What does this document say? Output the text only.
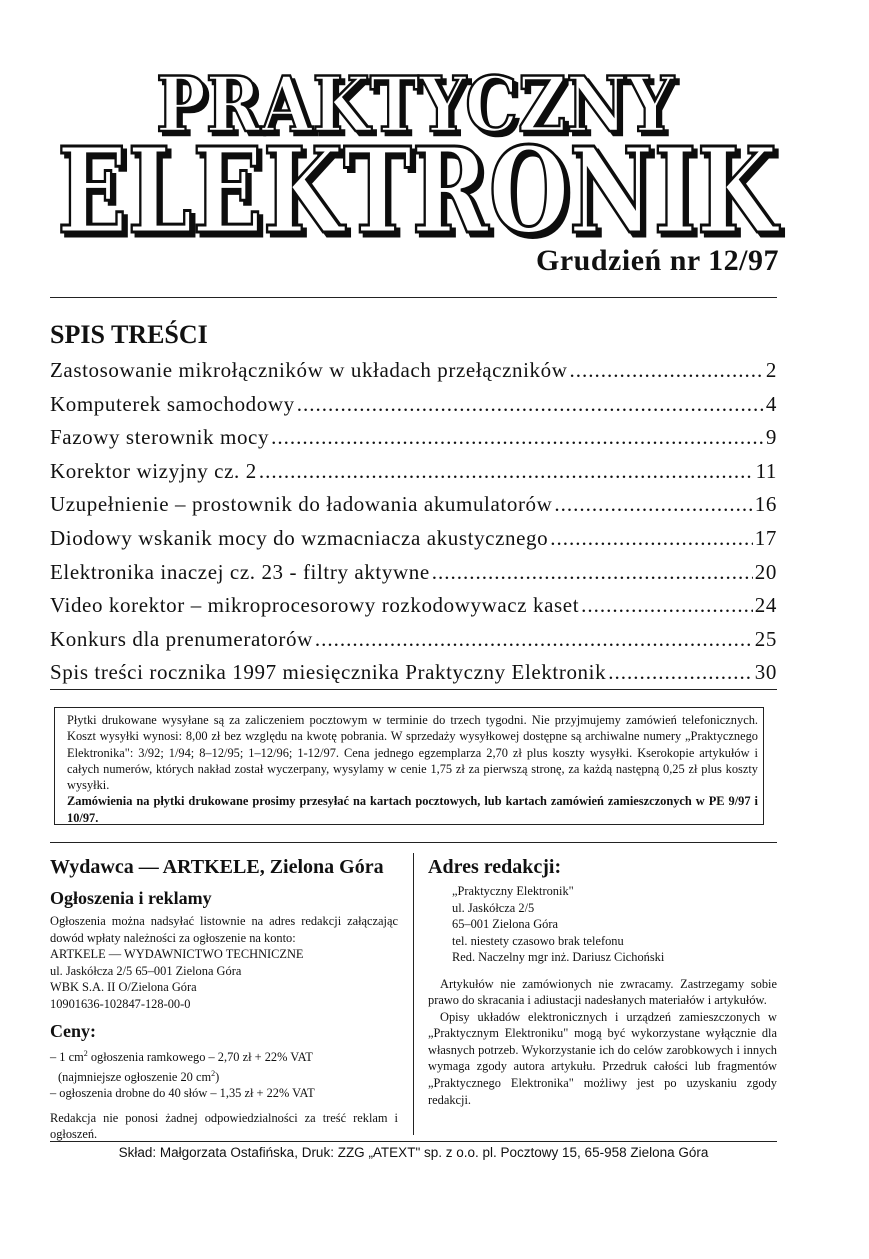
PRAKTYCZNY
ELEKTRONIK
Grudzień nr 12/97
SPIS TREŚCI
Zastosowanie mikrołączników w układach przełączników .....	2
Komputerek samochodowy .....	4
Fazowy sterownik mocy .....	9
Korektor wizyjny cz. 2 .....	11
Uzupełnienie – prostownik do ładowania akumulatorów .....	16
Diodowy wskanik mocy do wzmacniacza akustycznego .....	17
Elektronika inaczej cz. 23 - filtry aktywne .....	20
Video korektor – mikroprocesorowy rozkodowywacz kaset .....	24
Konkurs dla prenumeratorów .....	25
Spis treści rocznika 1997 miesięcznika Praktyczny Elektronik .....	30

Płytki drukowane wysyłane są za zaliczeniem pocztowym w terminie do trzech tygodni. Nie przyjmujemy zamówień telefonicznych. Koszt wysyłki wynosi: 8,00 zł bez względu na kwotę pobrania. W sprzedaży wysyłkowej dostępne są archiwalne numery „Praktycznego Elektronika": 3/92; 1/94; 8–12/95; 1–12/96; 1-12/97. Cena jednego egzemplarza 2,70 zł plus koszty wysyłki. Kserokopie artykułów i całych numerów, których nakład został wyczerpany, wysylamy w cenie 1,75 zł za pierwszą stronę, za każdą następną 0,25 zł plus koszty wysyłki.

Zamówienia na płytki drukowane prosimy przesyłać na kartach pocztowych, lub kartach zamówień zamieszczonych w PE 9/97 i 10/97.

Wydawca — ARTKELE, Zielona Góra
Ogłoszenia i reklamy

Ogłoszenia można nadsyłać listownie na adres redakcji załączając dowód wpłaty należności za ogłoszenie na konto:

ARTKELE — WYDAWNICTWO TECHNICZNE

ul. Jaskółcza 2/5 65–001 Zielona Góra

WBK S.A. II O/Zielona Góra

10901636-102847-128-00-0

Ceny:

– 1 $cm^2$ ogłoszenia ramkowego – 2,70 zł + 22% VAT

(najmniejsze ogłoszenie 20 $cm^2$)

– ogłoszenia drobne do 40 słów – 1,35 zł + 22% VAT

Redakcja nie ponosi żadnej odpowiedzialności za treść reklam i ogłoszeń.

Adres redakcji:
„Praktyczny Elektronik"
ul. Jaskółcza 2/5
65–001 Zielona Góra
tel. niestety czasowo brak telefonu
Red. Naczelny mgr inż. Dariusz Cichoński

Artykułów nie zamówionych nie zwracamy. Zastrzegamy sobie prawo do skracania i adiustacji nadesłanych materiałów i artykułów.

Opisy układów elektronicznych i urządzeń zamieszczonych w „Praktycznym Elektroniku" mogą być wykorzystane wyłącznie dla własnych potrzeb. Wykorzystanie ich do celów zarobkowych i innych wymaga zgody autora artykułu. Przedruk całości lub fragmentów „Praktycznego Elektronika" możliwy jest po uzyskaniu zgody redakcji.

Skład: Małgorzata Ostafińska, Druk: ZZG „ATEXT" sp. z o.o. pl. Pocztowy 15, 65-958 Zielona Góra
